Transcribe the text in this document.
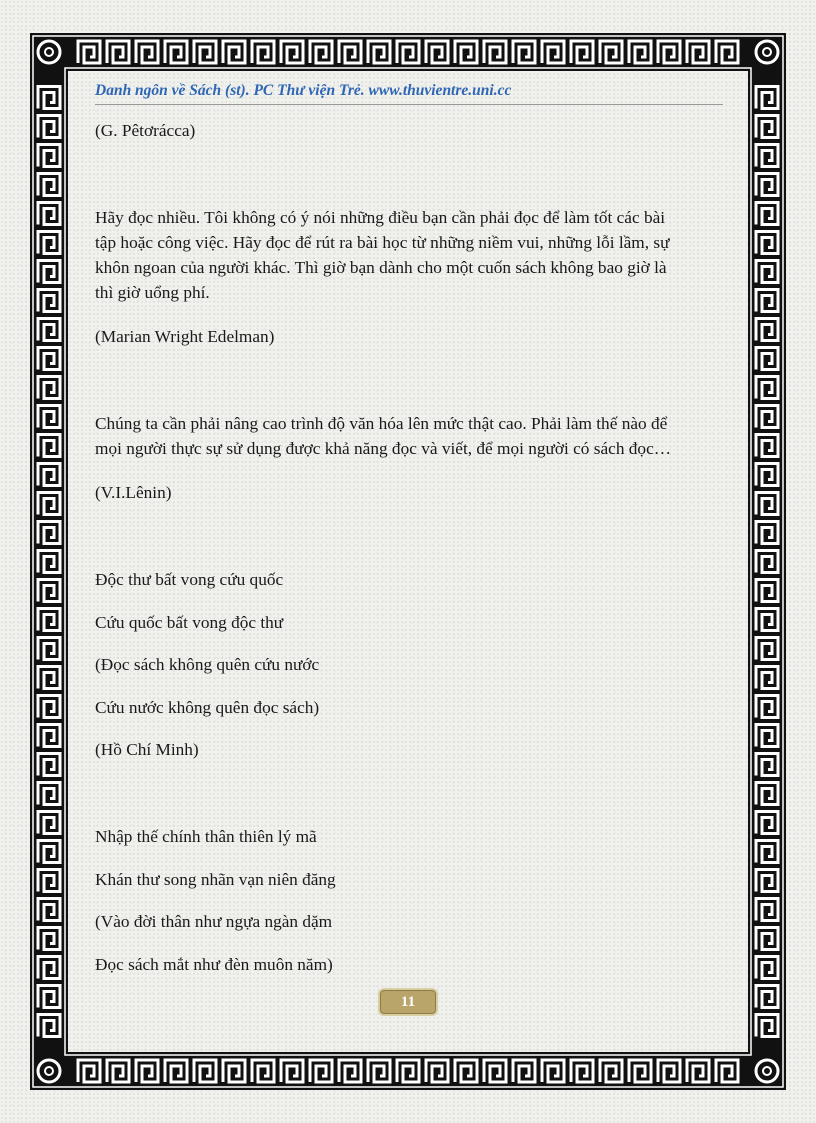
Danh ngôn về Sách (st). PC Thư viện Trẻ. www.thuvientre.uni.cc

(G. Pêtơrácca)

Hãy đọc nhiều. Tôi không có ý nói những điều bạn cần phải đọc để làm tốt các bài

tập hoặc công việc. Hãy đọc để rút ra bài học từ những niềm vui, những lỗi lầm, sự

khôn ngoan của người khác. Thì giờ bạn dành cho một cuốn sách không bao giờ là

thì giờ uổng phí.

(Marian Wright Edelman)

Chúng ta cần phải nâng cao trình độ văn hóa lên mức thật cao. Phải làm thế nào để

mọi người thực sự sử dụng được khả năng đọc và viết, để mọi người có sách đọc…

(V.I.Lênin)

Độc thư bất vong cứu quốc

Cứu quốc bất vong độc thư

(Đọc sách không quên cứu nước

Cứu nước không quên đọc sách)

(Hồ Chí Minh)

Nhập thế chính thân thiên lý mã

Khán thư song nhãn vạn niên đăng

(Vào đời thân như ngựa ngàn dặm

Đọc sách mắt như đèn muôn năm)

11
